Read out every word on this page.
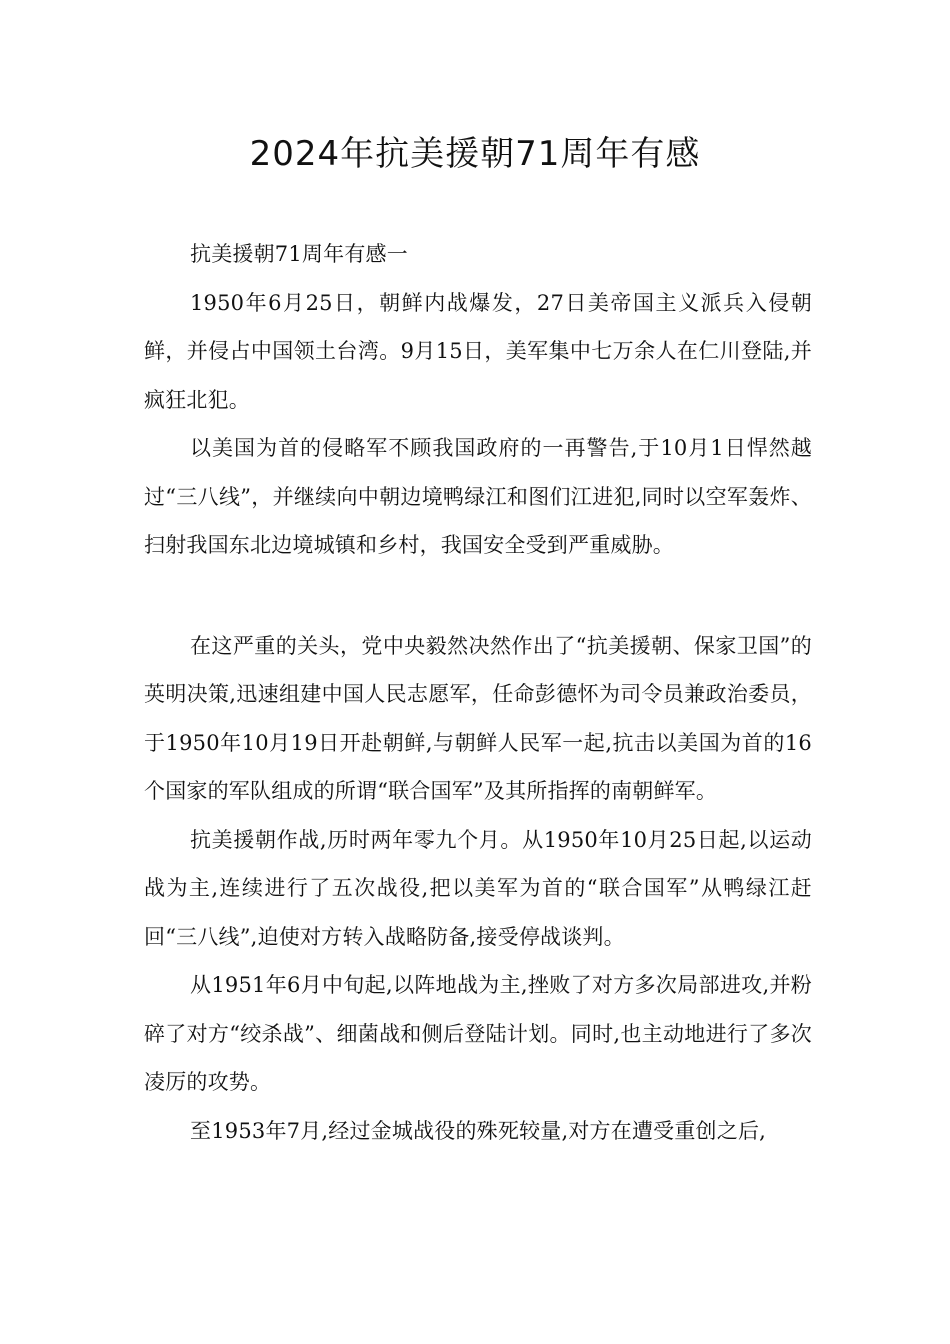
2024年抗美援朝71周年有感

抗美援朝71周年有感一

1950年6月25日，朝鲜内战爆发，27日美帝国主义派兵入侵朝鲜，并侵占中国领土台湾。9月15日，美军集中七万余人在仁川登陆,并疯狂北犯。

以美国为首的侵略军不顾我国政府的一再警告,于10月1日悍然越过“三八线”，并继续向中朝边境鸭绿江和图们江进犯,同时以空军轰炸、扫射我国东北边境城镇和乡村，我国安全受到严重威胁。

在这严重的关头，党中央毅然决然作出了“抗美援朝、保家卫国”的英明决策,迅速组建中国人民志愿军，任命彭德怀为司令员兼政治委员，于1950年10月19日开赴朝鲜,与朝鲜人民军一起,抗击以美国为首的16个国家的军队组成的所谓“联合国军”及其所指挥的南朝鲜军。

抗美援朝作战,历时两年零九个月。从1950年10月25日起,以运动战为主,连续进行了五次战役,把以美军为首的“联合国军”从鸭绿江赶回“三八线”,迫使对方转入战略防备,接受停战谈判。

从1951年6月中旬起,以阵地战为主,挫败了对方多次局部进攻,并粉碎了对方“绞杀战”、细菌战和侧后登陆计划。同时,也主动地进行了多次凌厉的攻势。

至1953年7月,经过金城战役的殊死较量,对方在遭受重创之后,
